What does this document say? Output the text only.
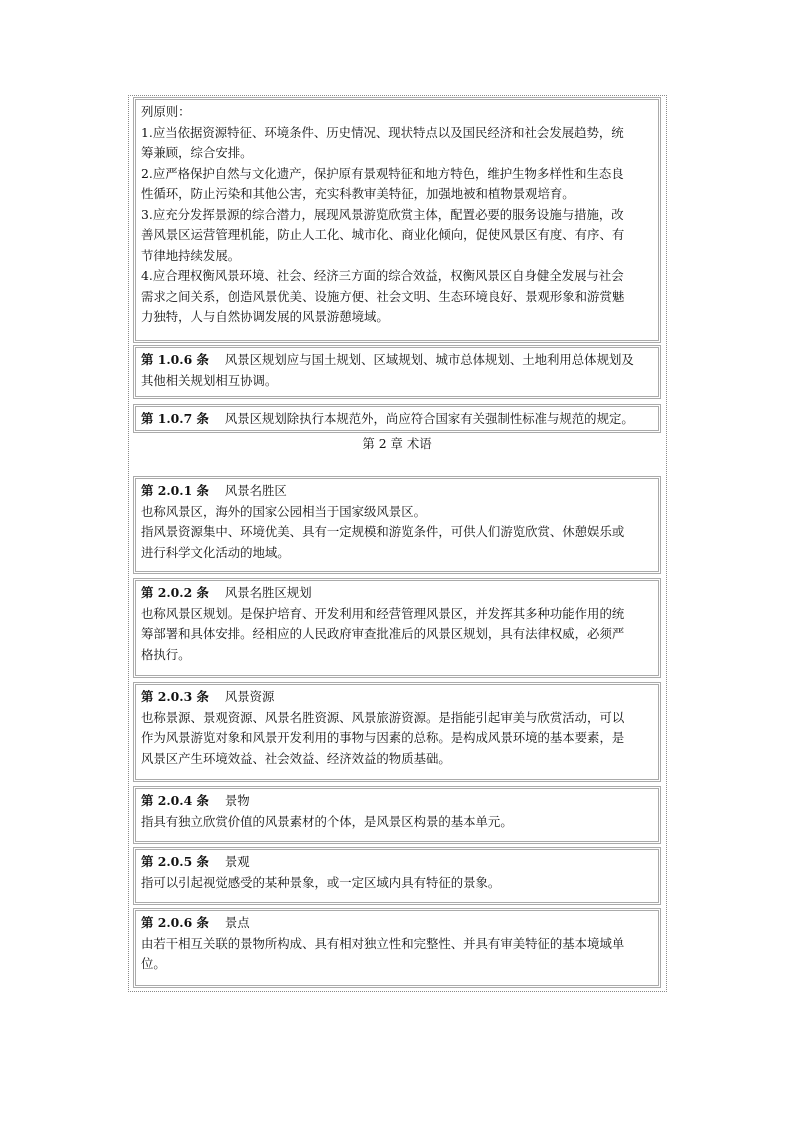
列原则：
1.应当依据资源特征、环境条件、历史情况、现状特点以及国民经济和社会发展趋势，统
筹兼顾，综合安排。
2.应严格保护自然与文化遗产，保护原有景观特征和地方特色，维护生物多样性和生态良
性循环，防止污染和其他公害，充实科教审美特征，加强地被和植物景观培育。
3.应充分发挥景源的综合潜力，展现风景游览欣赏主体，配置必要的服务设施与措施，改
善风景区运营管理机能，防止人工化、城市化、商业化倾向，促使风景区有度、有序、有
节律地持续发展。
4.应合理权衡风景环境、社会、经济三方面的综合效益，权衡风景区自身健全发展与社会
需求之间关系，创造风景优美、设施方便、社会文明、生态环境良好、景观形象和游赏魅
力独特，人与自然协调发展的风景游憩境域。
第 1.0.6 条 风景区规划应与国土规划、区域规划、城市总体规划、土地利用总体规划及
其他相关规划相互协调。
第 1.0.7 条 风景区规划除执行本规范外，尚应符合国家有关强制性标准与规范的规定。
第 2 章 术语
第 2.0.1 条 风景名胜区
也称风景区，海外的国家公园相当于国家级风景区。
指风景资源集中、环境优美、具有一定规模和游览条件，可供人们游览欣赏、休憩娱乐或
进行科学文化活动的地域。
第 2.0.2 条 风景名胜区规划
也称风景区规划。是保护培育、开发利用和经营管理风景区，并发挥其多种功能作用的统
筹部署和具体安排。经相应的人民政府审查批准后的风景区规划，具有法律权威，必须严
格执行。
第 2.0.3 条 风景资源
也称景源、景观资源、风景名胜资源、风景旅游资源。是指能引起审美与欣赏活动，可以
作为风景游览对象和风景开发利用的事物与因素的总称。是构成风景环境的基本要素，是
风景区产生环境效益、社会效益、经济效益的物质基础。
第 2.0.4 条 景物
指具有独立欣赏价值的风景素材的个体，是风景区构景的基本单元。
第 2.0.5 条 景观
指可以引起视觉感受的某种景象，或一定区域内具有特征的景象。
第 2.0.6 条 景点
由若干相互关联的景物所构成、具有相对独立性和完整性、并具有审美特征的基本境域单
位。
